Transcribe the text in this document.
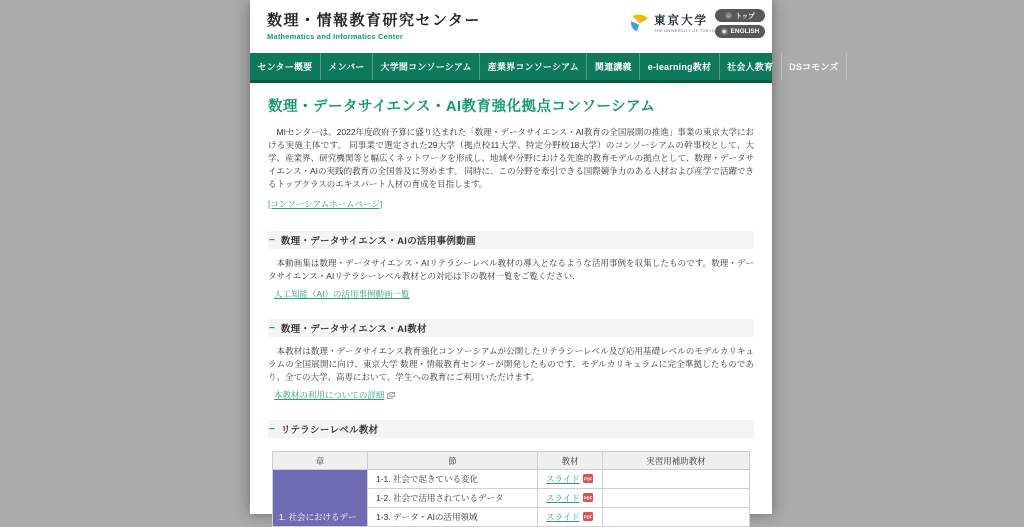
数理・情報教育研究センター
Mathematics and Informatics Center
東京大学
THE UNIVERSITY OF TOKYO
⌂ トップ
⊕ ENGLISH
センター概要	メンバー	大学間コンソーシアム	産業界コンソーシアム	関連講義	e-learning教材	社会人教育	DSコモンズ
数理・データサイエンス・AI教育強化拠点コンソーシアム

　MIセンターは、2022年度政府予算に盛り込まれた「数理・データサイエンス・AI教育の全国展開の推進」事業の東京大学における実施主体です。 同事業で選定された29大学（拠点校11大学、特定分野校18大学）のコンソーシアムの幹事校として、大学、産業界、研究機関等と幅広くネットワークを形成し、地域や分野における先進的教育モデルの拠点として、数理・データサイエンス・AIの実践的教育の全国普及に努めます。 同時に、この分野を牽引できる国際競争力のある人材および産学で活躍できるトップクラスのエキスパート人材の育成を目指します。

[コンソーシアムホームページ]
− 数理・データサイエンス・AIの活用事例動画

　本動画集は数理・データサイエンス・AIリテラシーレベル教材の導入となるような活用事例を収集したものです。数理・データサイエンス・AIリテラシーレベル教材との対応は下の教材一覧をご覧ください．

人工知能（AI）の活用事例動画一覧
− 数理・データサイエンス・AI教材

　本教材は数理・データサイエンス教育強化コンソーシアムが公開したリテラシーレベル及び応用基礎レベルのモデルカリキュラムの全国展開に向け、東京大学 数理・情報教育センターが開発したものです．モデルカリキュラムに完全準拠したものであり、全ての大学、高専において、学生への教育にご利用いただけます。

本教材の利用についての詳細
− リテラシーレベル教材
章	節	教材	実習用補助教材
1. 社会におけるデー	1-1. 社会で起きている変化	スライド PDF	

	1-2. 社会で活用されているデータ	スライド PDF	

	1-3. データ・AIの活用領域	スライド PDF	
